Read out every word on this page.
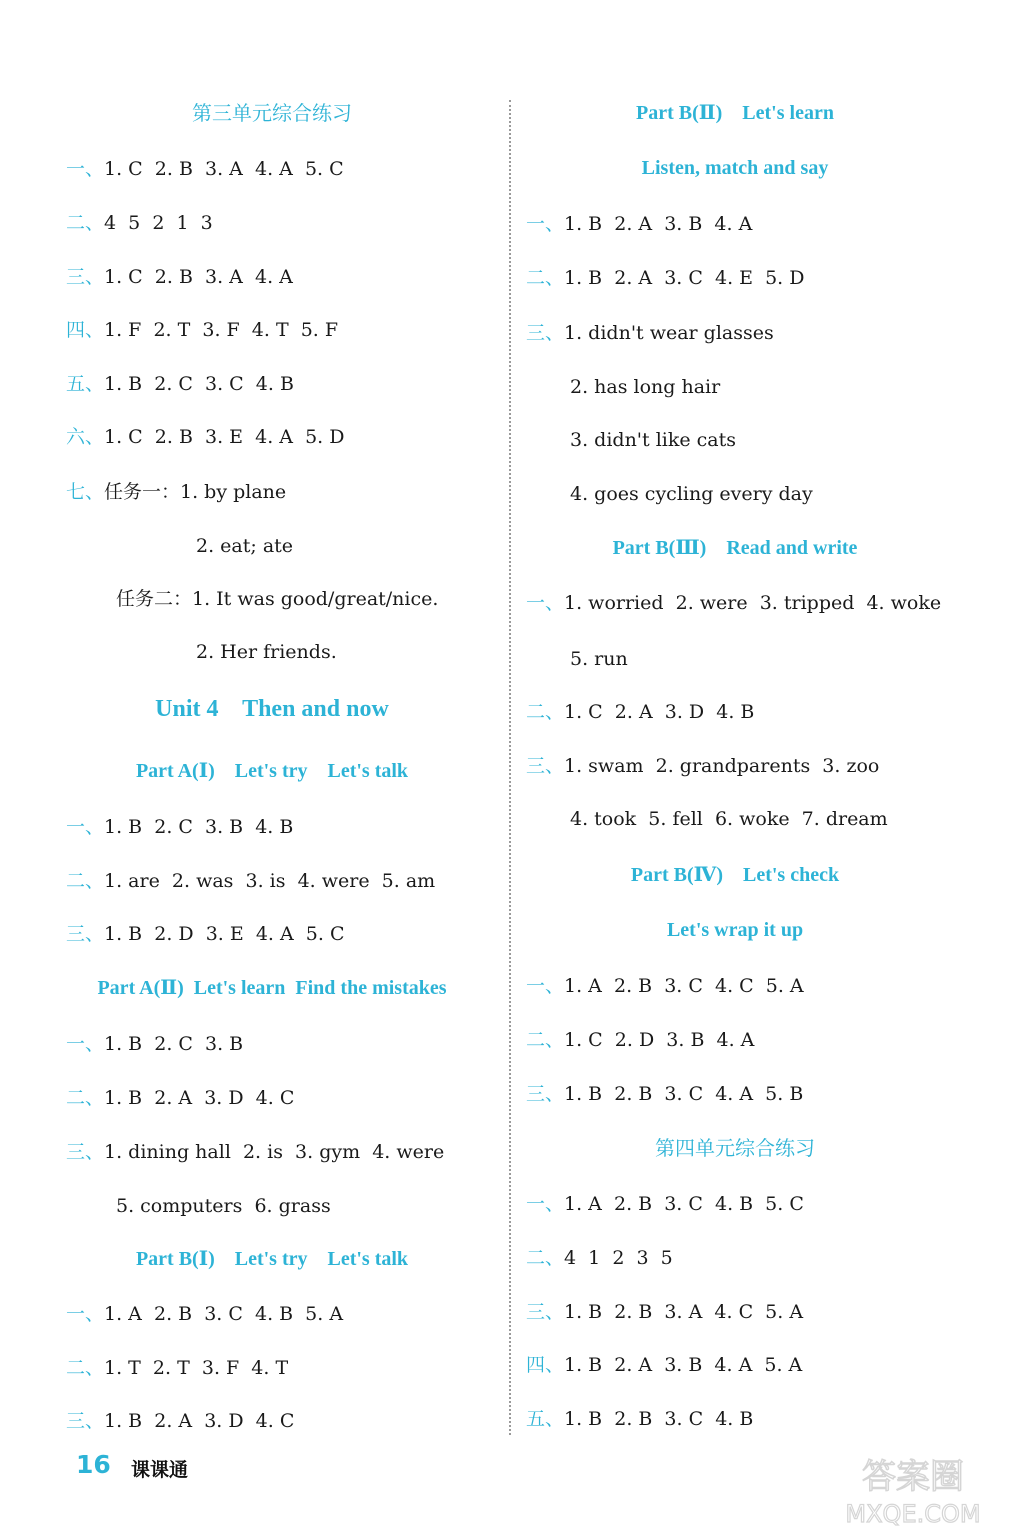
第三单元综合练习
一、1. C  2. B  3. A  4. A  5. C
二、4  5  2  1  3
三、1. C  2. B  3. A  4. A
四、1. F  2. T  3. F  4. T  5. F
五、1. B  2. C  3. C  4. B
六、1. C  2. B  3. E  4. A  5. D
七、任务一：1. by plane
2. eat; ate
任务二：1. It was good/great/nice.
2. Her friends.
Unit 4    Then and now
Part A(Ⅰ)    Let's try    Let's talk
一、1. B  2. C  3. B  4. B
二、1. are  2. was  3. is  4. were  5. am
三、1. B  2. D  3. E  4. A  5. C
Part A(Ⅱ)  Let's learn  Find the mistakes
一、1. B  2. C  3. B
二、1. B  2. A  3. D  4. C
三、1. dining hall  2. is  3. gym  4. were
5. computers  6. grass
Part B(Ⅰ)    Let's try    Let's talk
一、1. A  2. B  3. C  4. B  5. A
二、1. T  2. T  3. F  4. T
三、1. B  2. A  3. D  4. C
Part B(Ⅱ)    Let's learn
Listen, match and say
一、1. B  2. A  3. B  4. A
二、1. B  2. A  3. C  4. E  5. D
三、1. didn't wear glasses
2. has long hair
3. didn't like cats
4. goes cycling every day
Part B(Ⅲ)    Read and write
一、1. worried  2. were  3. tripped  4. woke
5. run
二、1. C  2. A  3. D  4. B
三、1. swam  2. grandparents  3. zoo
4. took  5. fell  6. woke  7. dream
Part B(Ⅳ)    Let's check
Let's wrap it up
一、1. A  2. B  3. C  4. C  5. A
二、1. C  2. D  3. B  4. A
三、1. B  2. B  3. C  4. A  5. B
第四单元综合练习
一、1. A  2. B  3. C  4. B  5. C
二、4  1  2  3  5
三、1. B  2. B  3. A  4. C  5. A
四、1. B  2. A  3. B  4. A  5. A
五、1. B  2. B  3. C  4. B
16 课课通	答案圈
MXQE.COM
